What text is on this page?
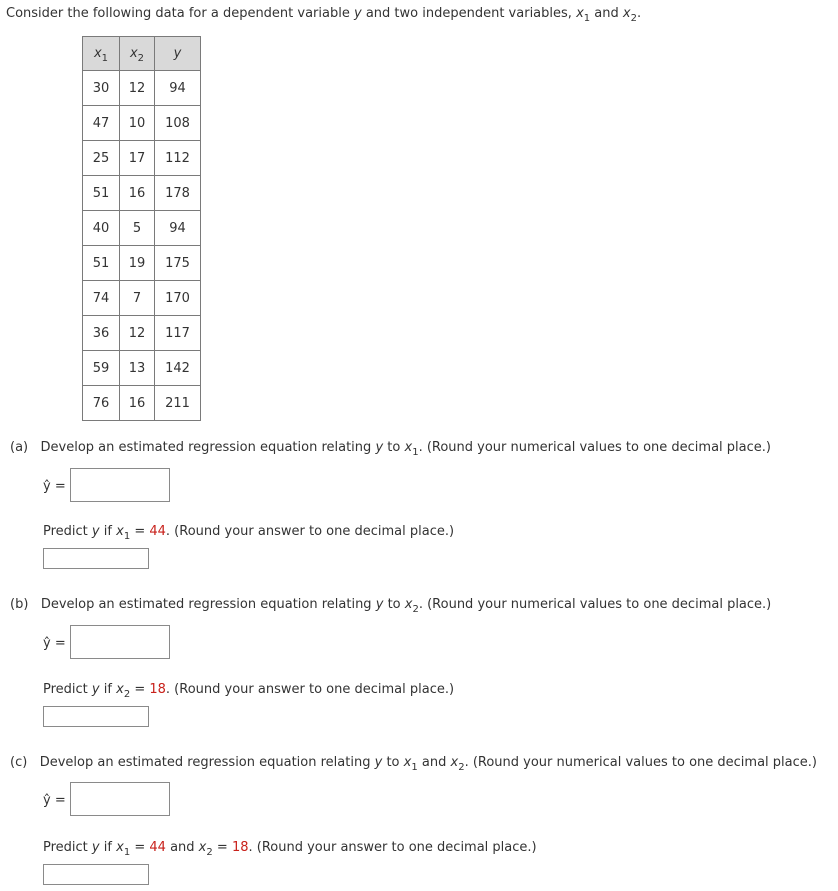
Consider the following data for a dependent variable y and two independent variables, $x_1$ and $x_2$.
$x_1$	$x_2$	y
30	12	94
47	10	108
25	17	112
51	16	178
40	5	94
51	19	175
74	7	170
36	12	117
59	13	142
76	16	211
(a) Develop an estimated regression equation relating y to $x_1$. (Round your numerical values to one decimal place.)
ŷ =
Predict y if $x_1 = 44$. (Round your answer to one decimal place.)
(b) Develop an estimated regression equation relating y to $x_2$. (Round your numerical values to one decimal place.)
ŷ =
Predict y if $x_2 = 18$. (Round your answer to one decimal place.)
(c) Develop an estimated regression equation relating y to $x_1$ and $x_2$. (Round your numerical values to one decimal place.)
ŷ =
Predict y if $x_1 = 44$ and $x_2 = 18$. (Round your answer to one decimal place.)
